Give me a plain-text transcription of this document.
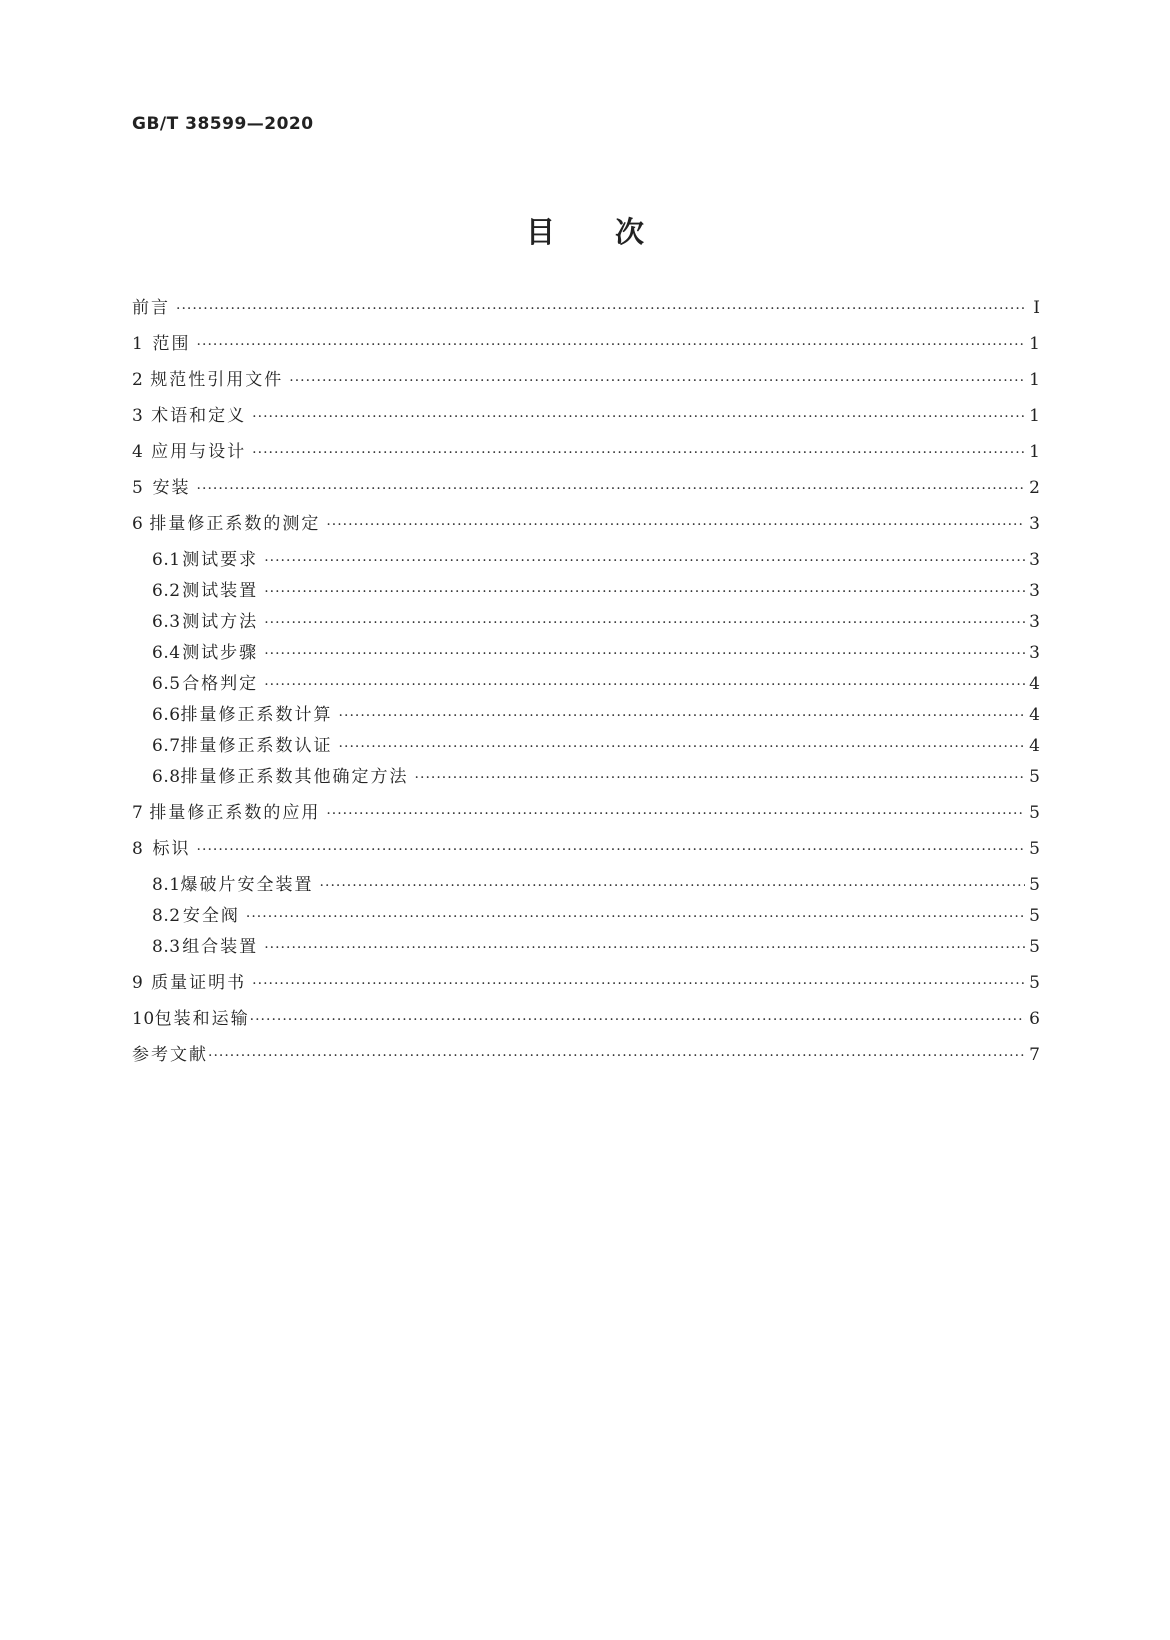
GB/T 38599—2020
目次
前言 ·····	Ⅰ
1 范围 ·····	1
2 规范性引用文件 ·····	1
3 术语和定义 ·····	1
4 应用与设计 ·····	1
5 安装 ·····	2
6 排量修正系数的测定 ·····	3
6.1 测试要求 ·····	3
6.2 测试装置 ·····	3
6.3 测试方法 ·····	3
6.4 测试步骤 ·····	3
6.5 合格判定 ·····	4
6.6 排量修正系数计算 ·····	4
6.7 排量修正系数认证 ·····	4
6.8 排量修正系数其他确定方法 ·····	5
7 排量修正系数的应用 ·····	5
8 标识 ·····	5
8.1 爆破片安全装置 ·····	5
8.2 安全阀 ·····	5
8.3 组合装置 ·····	5
9 质量证明书 ·····	5
10 包装和运输 ·····	6
参考文献 ·····	7
